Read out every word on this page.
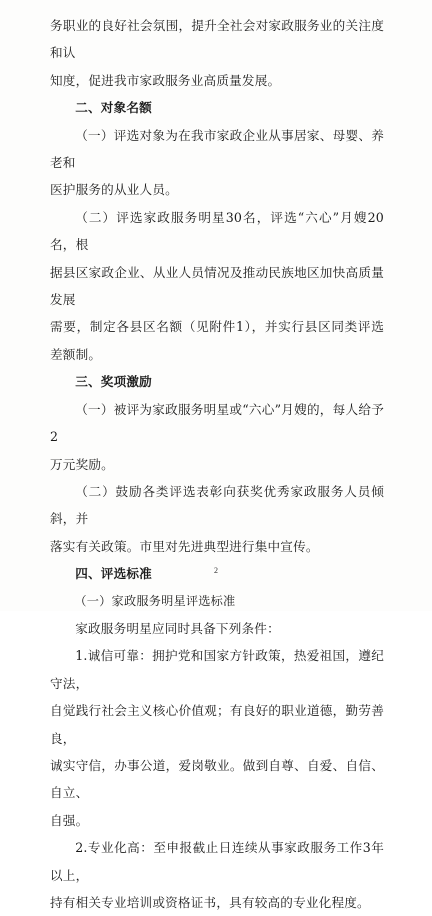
务职业的良好社会氛围，提升全社会对家政服务业的关注度和认

知度，促进我市家政服务业高质量发展。

二、对象名额

（一）评选对象为在我市家政企业从事居家、母婴、养老和

医护服务的从业人员。

（二）评选家政服务明星30名，评选“六心”月嫂20名，根

据县区家政企业、从业人员情况及推动民族地区加快高质量发展

需要，制定各县区名额（见附件1），并实行县区同类评选差额制。

三、奖项激励

（一）被评为家政服务明星或“六心”月嫂的，每人给予2

万元奖励。

（二）鼓励各类评选表彰向获奖优秀家政服务人员倾斜，并

落实有关政策。市里对先进典型进行集中宣传。

四、评选标准

（一）家政服务明星评选标准

家政服务明星应同时具备下列条件：

1.诚信可靠：拥护党和国家方针政策，热爱祖国，遵纪守法，

自觉践行社会主义核心价值观；有良好的职业道德，勤劳善良，

诚实守信，办事公道，爱岗敬业。做到自尊、自爱、自信、自立、

自强。

2.专业化高：至申报截止日连续从事家政服务工作3年以上，

持有相关专业培训或资格证书，具有较高的专业化程度。

2
